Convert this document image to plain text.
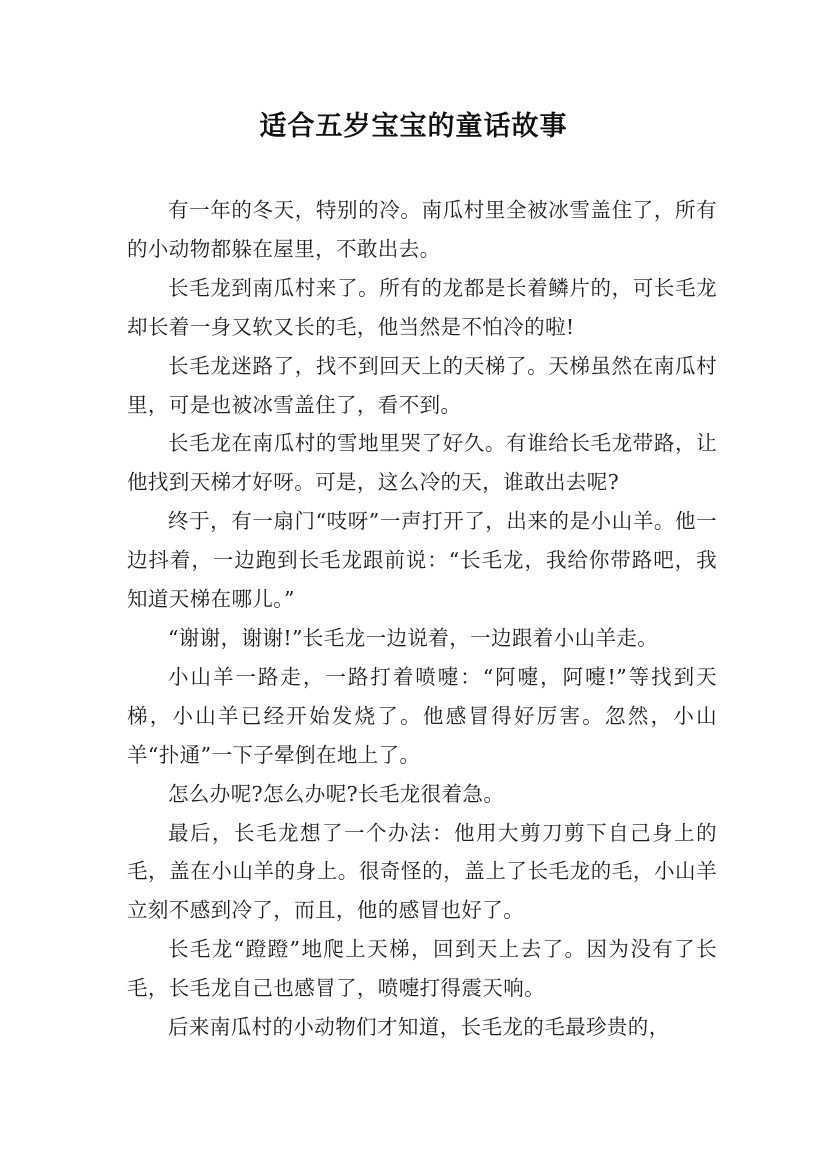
适合五岁宝宝的童话故事

有一年的冬天，特别的冷。南瓜村里全被冰雪盖住了，所有的小动物都躲在屋里，不敢出去。

长毛龙到南瓜村来了。所有的龙都是长着鳞片的，可长毛龙却长着一身又软又长的毛，他当然是不怕冷的啦!

长毛龙迷路了，找不到回天上的天梯了。天梯虽然在南瓜村里，可是也被冰雪盖住了，看不到。

长毛龙在南瓜村的雪地里哭了好久。有谁给长毛龙带路，让他找到天梯才好呀。可是，这么冷的天，谁敢出去呢?

终于，有一扇门“吱呀”一声打开了，出来的是小山羊。他一边抖着，一边跑到长毛龙跟前说：“长毛龙，我给你带路吧，我知道天梯在哪儿。”

“谢谢，谢谢!”长毛龙一边说着，一边跟着小山羊走。

小山羊一路走，一路打着喷嚏：“阿嚏，阿嚏!”等找到天梯，小山羊已经开始发烧了。他感冒得好厉害。忽然，小山羊“扑通”一下子晕倒在地上了。

怎么办呢?怎么办呢?长毛龙很着急。

最后，长毛龙想了一个办法：他用大剪刀剪下自己身上的毛，盖在小山羊的身上。很奇怪的，盖上了长毛龙的毛，小山羊立刻不感到冷了，而且，他的感冒也好了。

长毛龙“蹬蹬”地爬上天梯，回到天上去了。因为没有了长毛，长毛龙自己也感冒了，喷嚏打得震天响。

后来南瓜村的小动物们才知道，长毛龙的毛最珍贵的，
